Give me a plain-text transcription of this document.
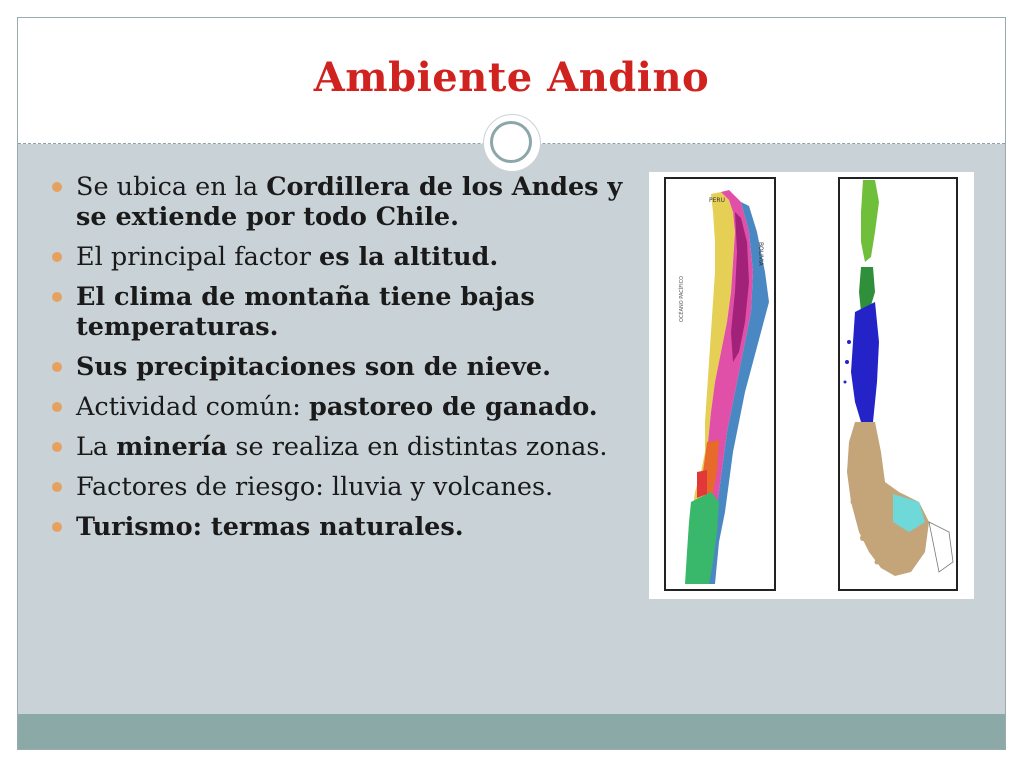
Ambiente Andino
Se ubica en la Cordillera de los Andes y se extiende por todo Chile.
El principal factor es la altitud.
El clima de montaña tiene bajas temperaturas.
Sus precipitaciones son de nieve.
Actividad común: pastoreo de ganado.
La minería se realiza en distintas zonas.
Factores de riesgo: lluvia y volcanes.
Turismo: termas naturales.
PERU
BOLIVIA
OCÉANO PACÍFICO
